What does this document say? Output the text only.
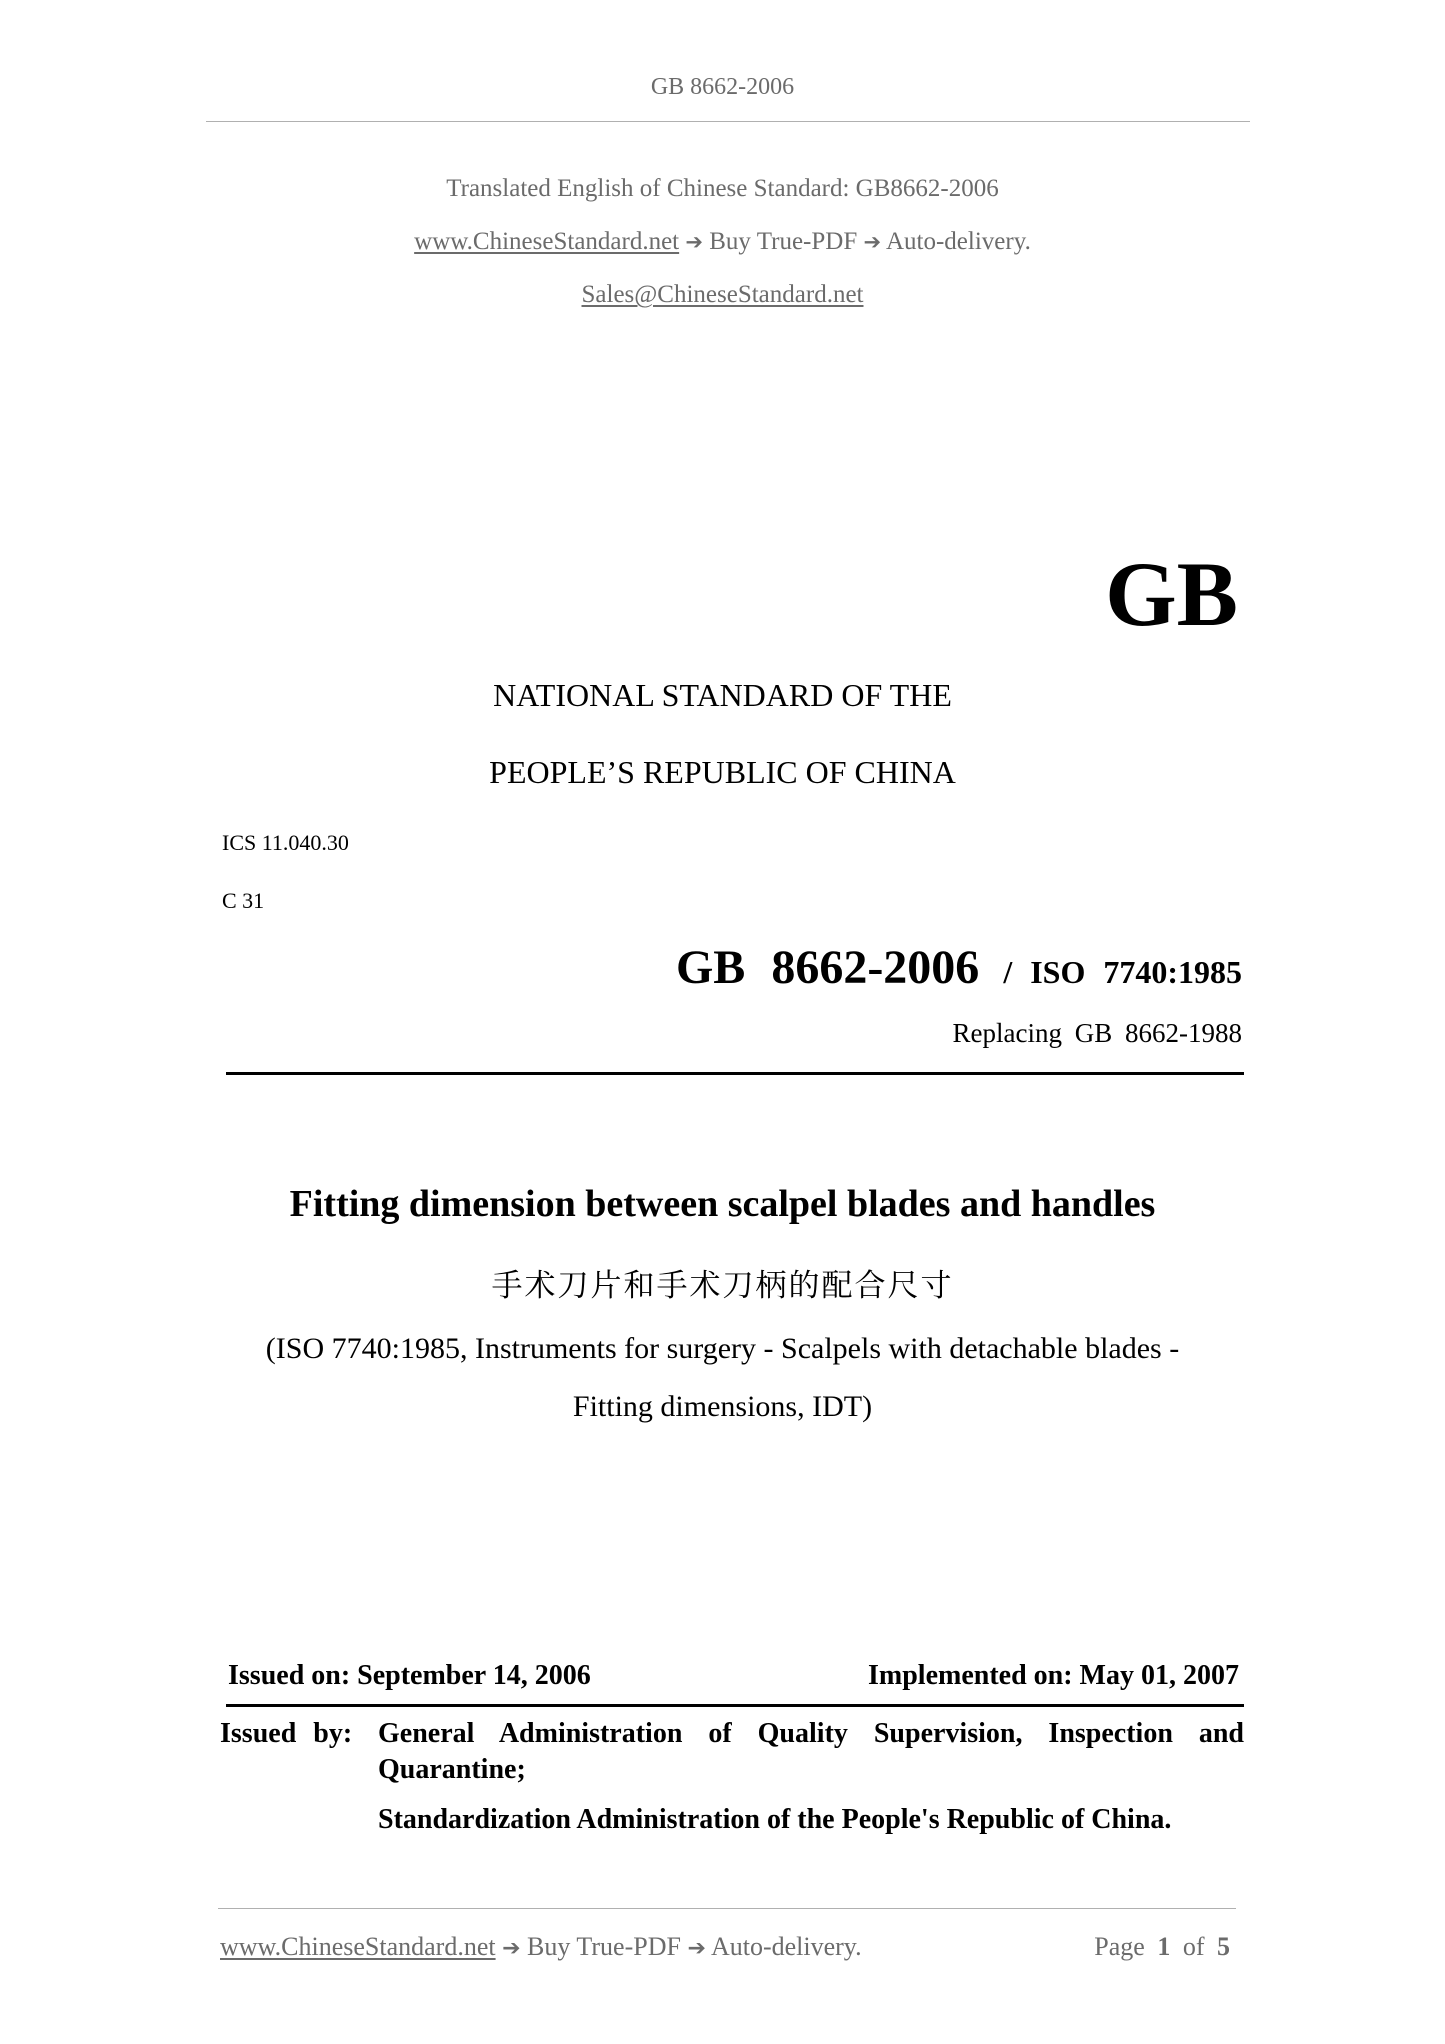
GB 8662-2006
Translated English of Chinese Standard: GB8662-2006
www.ChineseStandard.net ➔ Buy True-PDF ➔ Auto-delivery.
Sales@ChineseStandard.net
GB
NATIONAL STANDARD OF THE
PEOPLE’S REPUBLIC OF CHINA
ICS 11.040.30
C 31
GB 8662-2006 / ISO 7740:1985
Replacing GB 8662-1988
Fitting dimension between scalpel blades and handles
手术刀片和手术刀柄的配合尺寸
(ISO 7740:1985, Instruments for surgery - Scalpels with detachable blades -
Fitting dimensions, IDT)
Issued on: September 14, 2006	Implemented on: May 01, 2007
Issued by: General Administration of Quality Supervision, Inspection and
Quarantine;
Standardization Administration of the People's Republic of China.
www.ChineseStandard.net ➔ Buy True-PDF ➔ Auto-delivery.	Page 1 of 5
